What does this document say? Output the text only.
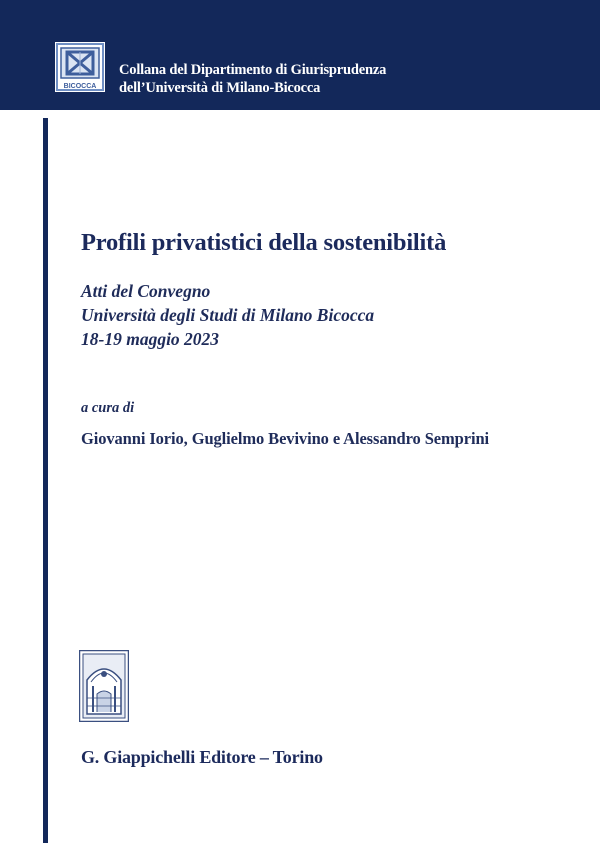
BICOCCA
Collana del Dipartimento di Giurisprudenza
dell’Università di Milano-Bicocca
Profili privatistici della sostenibilità
Atti del Convegno
Università degli Studi di Milano Bicocca
18-19 maggio 2023
a cura di
Giovanni Iorio, Guglielmo Bevivino e Alessandro Semprini
G. Giappichelli Editore – Torino
